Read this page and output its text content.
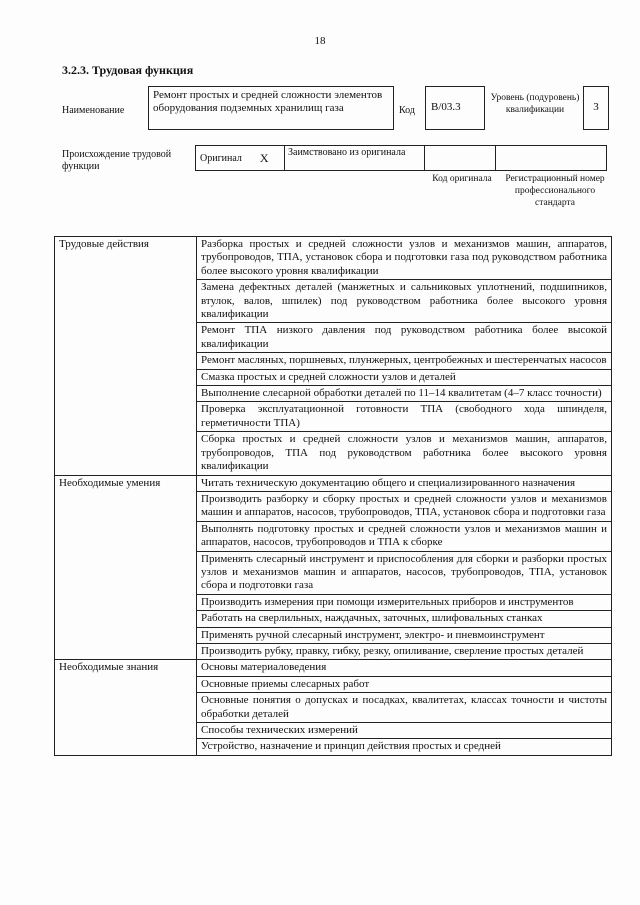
18
3.2.3. Трудовая функция
Наименование
Ремонт простых и средней сложности элементов оборудования подземных хранилищ газа	Код	В/03.3
Уровень (подуровень) квалификации	3
Происхождение трудовой функции
Оригинал Х	Заимствовано из оригинала
Код оригинала	Регистрационный номер профессионального стандарта
Трудовые действия	Разборка простых и средней сложности узлов и механизмов машин, аппаратов, трубопроводов, ТПА, установок сбора и подготовки газа под руководством работника более высокого уровня квалификации
	Замена дефектных деталей (манжетных и сальниковых уплотнений, подшипников, втулок, валов, шпилек) под руководством работника более высокого уровня квалификации
	Ремонт ТПА низкого давления под руководством работника более высокой квалификации
	Ремонт масляных, поршневых, плунжерных, центробежных и шестеренчатых насосов
	Смазка простых и средней сложности узлов и деталей
	Выполнение слесарной обработки деталей по 11–14 квалитетам (4–7 класс точности)
	Проверка эксплуатационной готовности ТПА (свободного хода шпинделя, герметичности ТПА)
	Сборка простых и средней сложности узлов и механизмов машин, аппаратов, трубопроводов, ТПА под руководством работника более высокого уровня квалификации
Необходимые умения	Читать техническую документацию общего и специализированного назначения
	Производить разборку и сборку простых и средней сложности узлов и механизмов машин и аппаратов, насосов, трубопроводов, ТПА, установок сбора и подготовки газа
	Выполнять подготовку простых и средней сложности узлов и механизмов машин и аппаратов, насосов, трубопроводов и ТПА к сборке
	Применять слесарный инструмент и приспособления для сборки и разборки простых узлов и механизмов машин и аппаратов, насосов, трубопроводов, ТПА, установок сбора и подготовки газа
	Производить измерения при помощи измерительных приборов и инструментов
	Работать на сверлильных, наждачных, заточных, шлифовальных станках
	Применять ручной слесарный инструмент, электро- и пневмоинструмент
	Производить рубку, правку, гибку, резку, опиливание, сверление простых деталей
Необходимые знания	Основы материаловедения
	Основные приемы слесарных работ
	Основные понятия о допусках и посадках, квалитетах, классах точности и чистоты обработки деталей
	Способы технических измерений
	Устройство, назначение и принцип действия простых и средней
